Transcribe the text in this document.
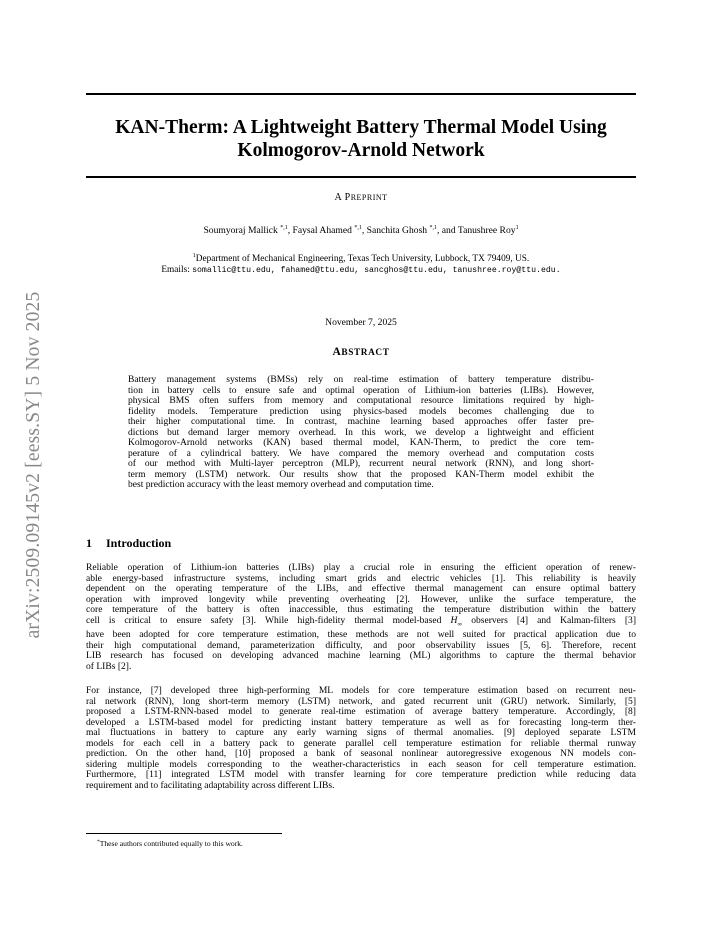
arXiv:2509.09145v2 [eess.SY] 5 Nov 2025
KAN-Therm: A Lightweight Battery Thermal Model Using
Kolmogorov-Arnold Network
A PREPRINT
Soumyoraj Mallick $^{*,1}$, Faysal Ahamed $^{*,1}$, Sanchita Ghosh $^{*,1}$, and Tanushree Roy$^1$
$^1$Department of Mechanical Engineering, Texas Tech University, Lubbock, TX 79409, US.
Emails: somallic@ttu.edu, fahamed@ttu.edu, sancghos@ttu.edu, tanushree.roy@ttu.edu.
November 7, 2025
ABSTRACT
Battery management systems (BMSs) rely on real-time estimation of battery temperature distribu-
tion in battery cells to ensure safe and optimal operation of Lithium-ion batteries (LIBs). However,
physical BMS often suffers from memory and computational resource limitations required by high-
fidelity models. Temperature prediction using physics-based models becomes challenging due to
their higher computational time. In contrast, machine learning based approaches offer faster pre-
dictions but demand larger memory overhead. In this work, we develop a lightweight and efficient
Kolmogorov-Arnold networks (KAN) based thermal model, KAN-Therm, to predict the core tem-
perature of a cylindrical battery. We have compared the memory overhead and computation costs
of our method with Multi-layer perceptron (MLP), recurrent neural network (RNN), and long short-
term memory (LSTM) network. Our results show that the proposed KAN-Therm model exhibit the
best prediction accuracy with the least memory overhead and computation time.
1 Introduction
Reliable operation of Lithium-ion batteries (LIBs) play a crucial role in ensuring the efficient operation of renew-
able energy-based infrastructure systems, including smart grids and electric vehicles [1]. This reliability is heavily
dependent on the operating temperature of the LIBs, and effective thermal management can ensure optimal battery
operation with improved longevity while preventing overheating [2]. However, unlike the surface temperature, the
core temperature of the battery is often inaccessible, thus estimating the temperature distribution within the battery
cell is critical to ensure safety [3]. While high-fidelity thermal model-based $H_\infty$ observers [4] and Kalman-filters [3]
have been adopted for core temperature estimation, these methods are not well suited for practical application due to
their high computational demand, parameterization difficulty, and poor observability issues [5, 6]. Therefore, recent
LIB research has focused on developing advanced machine learning (ML) algorithms to capture the thermal behavior
of LIBs [2].
For instance, [7] developed three high-performing ML models for core temperature estimation based on recurrent neu-
ral network (RNN), long short-term memory (LSTM) network, and gated recurrent unit (GRU) network. Similarly, [5]
proposed a LSTM-RNN-based model to generate real-time estimation of average battery temperature. Accordingly, [8]
developed a LSTM-based model for predicting instant battery temperature as well as for forecasting long-term ther-
mal fluctuations in battery to capture any early warning signs of thermal anomalies. [9] deployed separate LSTM
models for each cell in a battery pack to generate parallel cell temperature estimation for reliable thermal runway
prediction. On the other hand, [10] proposed a bank of seasonal nonlinear autoregressive exogenous NN models con-
sidering multiple models corresponding to the weather-characteristics in each season for cell temperature estimation.
Furthermore, [11] integrated LSTM model with transfer learning for core temperature prediction while reducing data
requirement and to facilitating adaptability across different LIBs.
*These authors contributed equally to this work.
